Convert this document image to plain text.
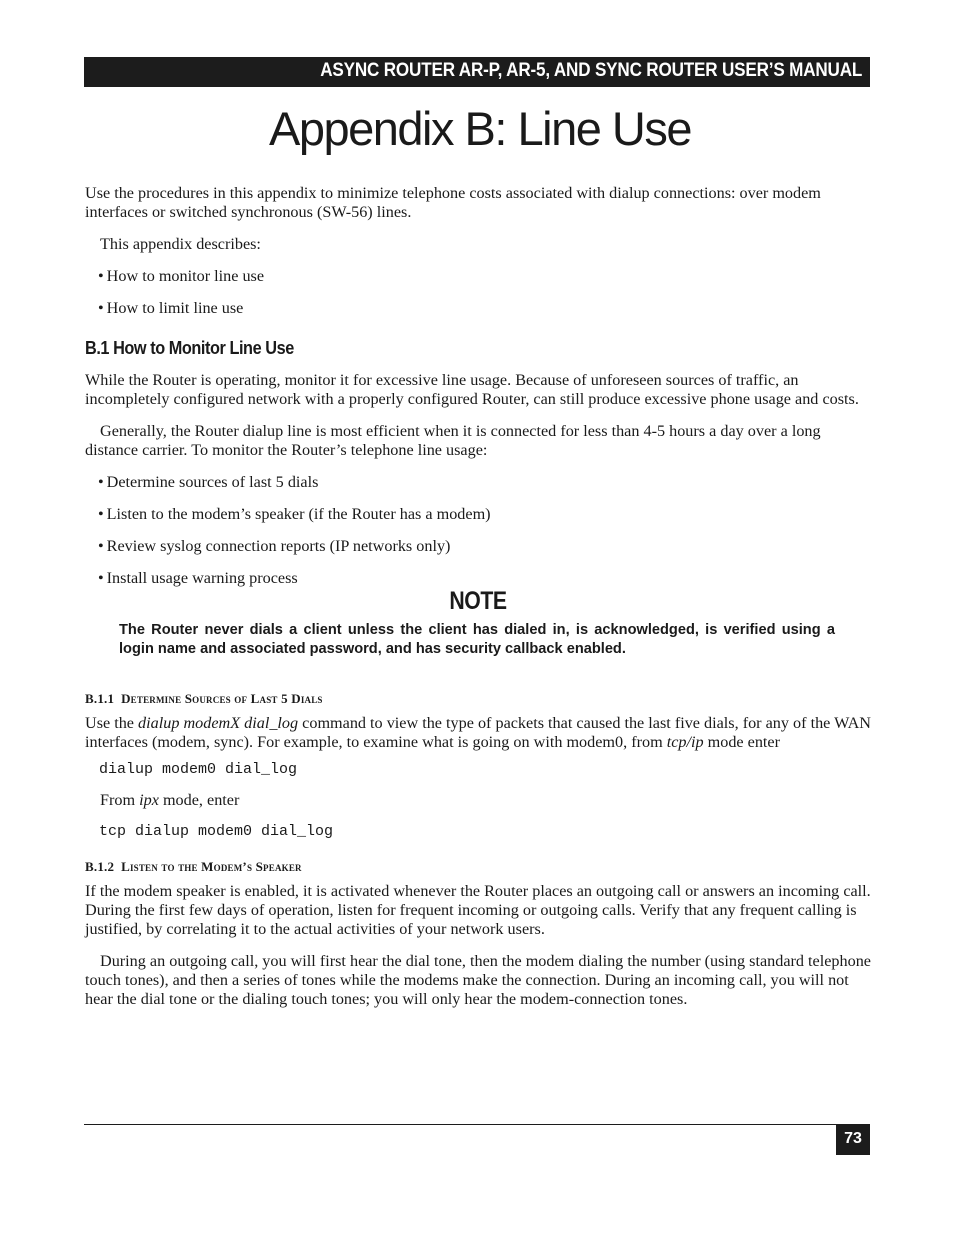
ASYNC ROUTER AR-P, AR-5, AND SYNC ROUTER USER’S MANUAL
Appendix B: Line Use

Use the procedures in this appendix to minimize telephone costs associated with dialup connections: over modem interfaces or switched synchronous (SW-56) lines.

This appendix describes:

• How to monitor line use

• How to limit line use

B.1 How to Monitor Line Use

While the Router is operating, monitor it for excessive line usage. Because of unforeseen sources of traffic, an incompletely configured network with a properly configured Router, can still produce excessive phone usage and costs.

Generally, the Router dialup line is most efficient when it is connected for less than 4-5 hours a day over a long distance carrier. To monitor the Router’s telephone line usage:

• Determine sources of last 5 dials

• Listen to the modem’s speaker (if the Router has a modem)

• Review syslog connection reports (IP networks only)

• Install usage warning process

NOTE
The Router never dials a client unless the client has dialed in, is acknowledged, is verified using a login name and associated password, and has security callback enabled.
B.1.1 Determine Sources of Last 5 Dials

Use the dialup modemX dial_log command to view the type of packets that caused the last five dials, for any of the WAN interfaces (modem, sync). For example, to examine what is going on with modem0, from tcp/ip mode enter

dialup modem0 dial_log

From ipx mode, enter

tcp dialup modem0 dial_log
B.1.2 Listen to the Modem’s Speaker

If the modem speaker is enabled, it is activated whenever the Router places an outgoing call or answers an incoming call. During the first few days of operation, listen for frequent incoming or outgoing calls. Verify that any frequent calling is justified, by correlating it to the actual activities of your network users.

During an outgoing call, you will first hear the dial tone, then the modem dialing the number (using standard telephone touch tones), and then a series of tones while the modems make the connection. During an incoming call, you will not hear the dial tone or the dialing touch tones; you will only hear the modem-connection tones.

73
